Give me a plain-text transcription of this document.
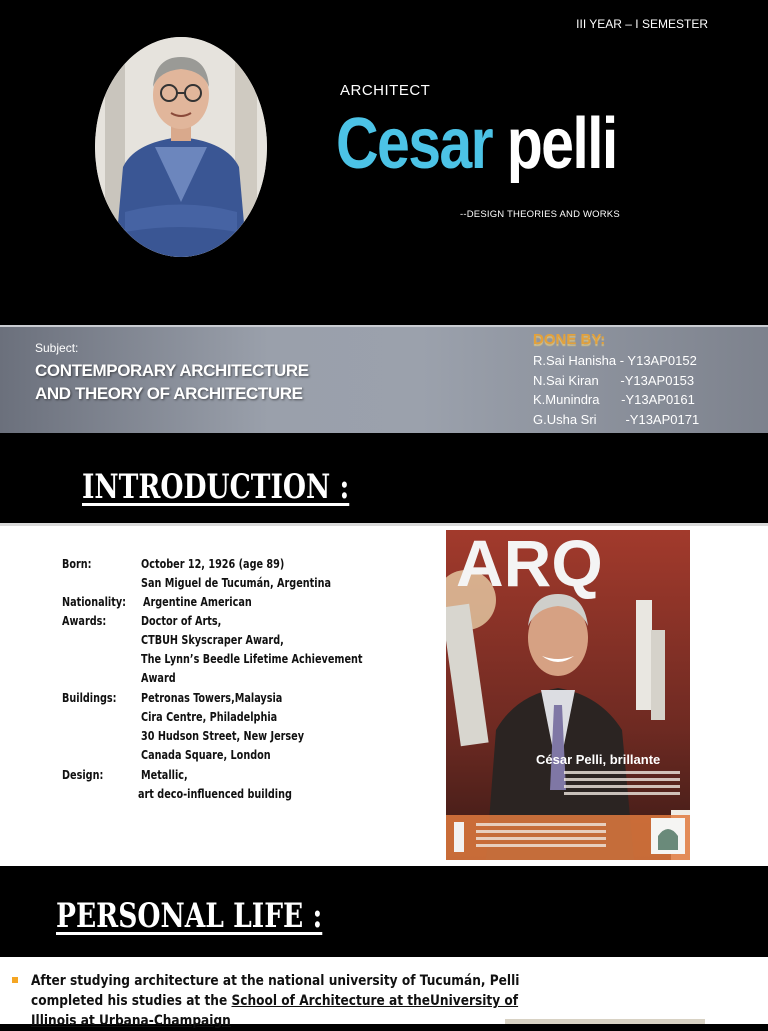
III YEAR – I SEMESTER
ARCHITECT
Cesar pelli
--DESIGN THEORIES AND WORKS
Subject:
CONTEMPORARY ARCHITECTURE
AND THEORY OF ARCHITECTURE
DONE BY:
R.Sai Hanisha - Y13AP0152
N.Sai Kiran      -Y13AP0153
K.Munindra      -Y13AP0161
G.Usha Sri        -Y13AP0171
INTRODUCTION :
Born:	October 12, 1926 (age 89)
San Miguel de Tucumán, Argentina
Nationality: Argentine American
Awards:	Doctor of Arts,
CTBUH Skyscraper Award,
The Lynn’s Beedle Lifetime Achievement
Award
Buildings: Petronas Towers,Malaysia
Cira Centre, Philadelphia
30 Hudson Street, New Jersey
Canada Square, London
Design:	Metallic,
art deco-influenced building
ARQ
César Pelli, brillante
PERSONAL LIFE :
After studying architecture at the national university of Tucumán, Pelli
completed his studies at the School of Architecture at theUniversity of
Illinois at Urbana-Champaign
